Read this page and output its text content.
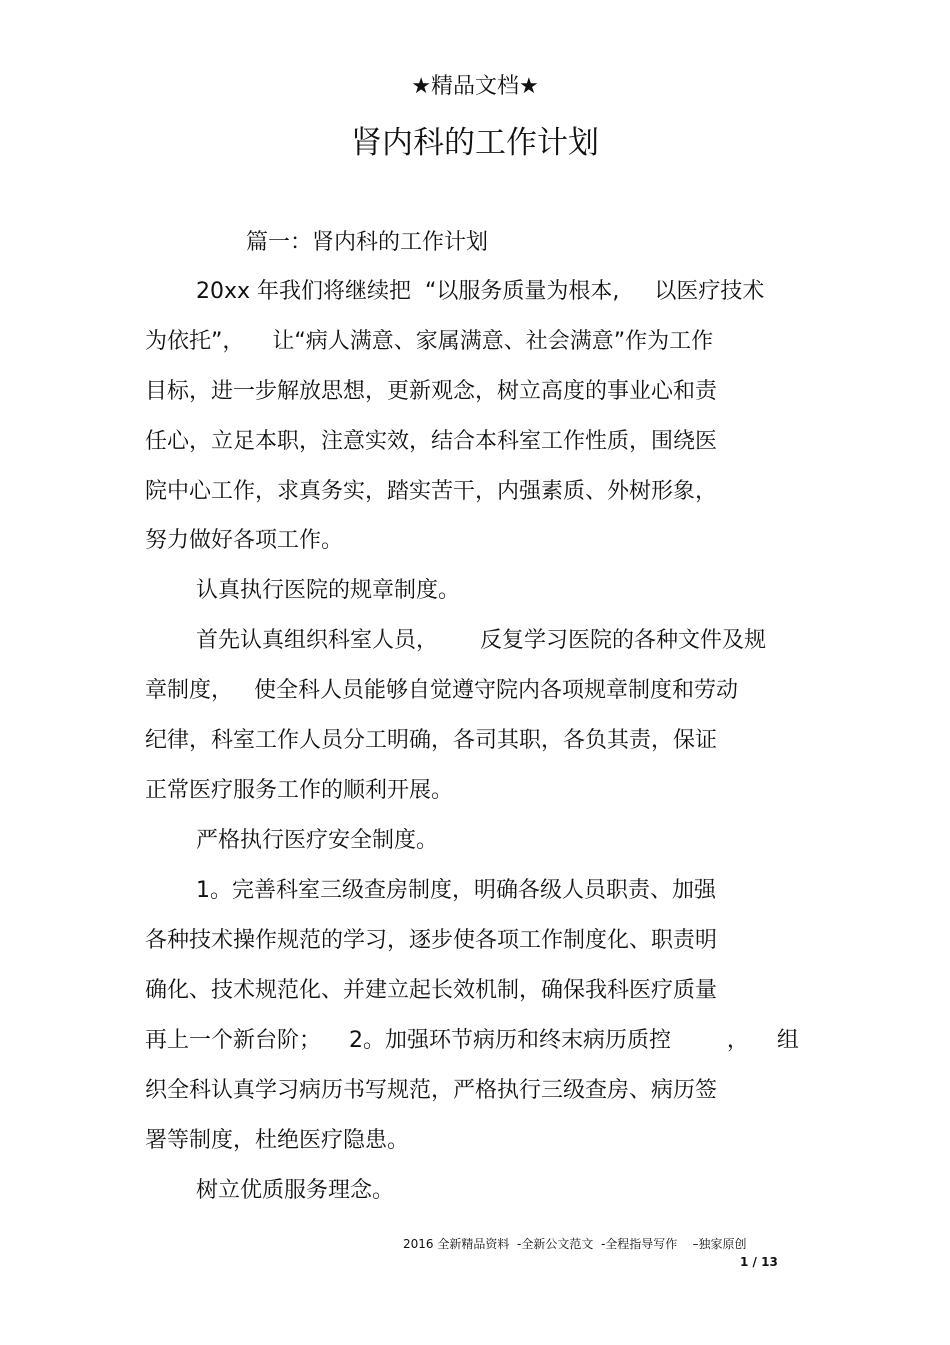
★精品文档★
肾内科的工作计划
篇一：肾内科的工作计划
20xx 年我们将继续把  “以服务质量为根本,     以医疗技术
为依托”，    让“病人满意、家属满意、社会满意”作为工作
目标，进一步解放思想，更新观念，树立高度的事业心和责
任心，立足本职，注意实效，结合本科室工作性质，围绕医
院中心工作，求真务实，踏实苦干，内强素质、外树形象，
努力做好各项工作。
认真执行医院的规章制度。
首先认真组织科室人员，      反复学习医院的各种文件及规
章制度，   使全科人员能够自觉遵守院内各项规章制度和劳动
纪律，科室工作人员分工明确，各司其职，各负其责，保证
正常医疗服务工作的顺利开展。
严格执行医疗安全制度。
1。完善科室三级查房制度，明确各级人员职责、加强
各种技术操作规范的学习，逐步使各项工作制度化、职责明
确化、技术规范化、并建立起长效机制，确保我科医疗质量
再上一个新台阶；    2。加强环节病历和终末病历质控        ，    组
织全科认真学习病历书写规范，严格执行三级查房、病历签
署等制度，杜绝医疗隐患。
树立优质服务理念。
2016 全新精品资料  -全新公文范文  -全程指导写作    –独家原创
1 / 13
